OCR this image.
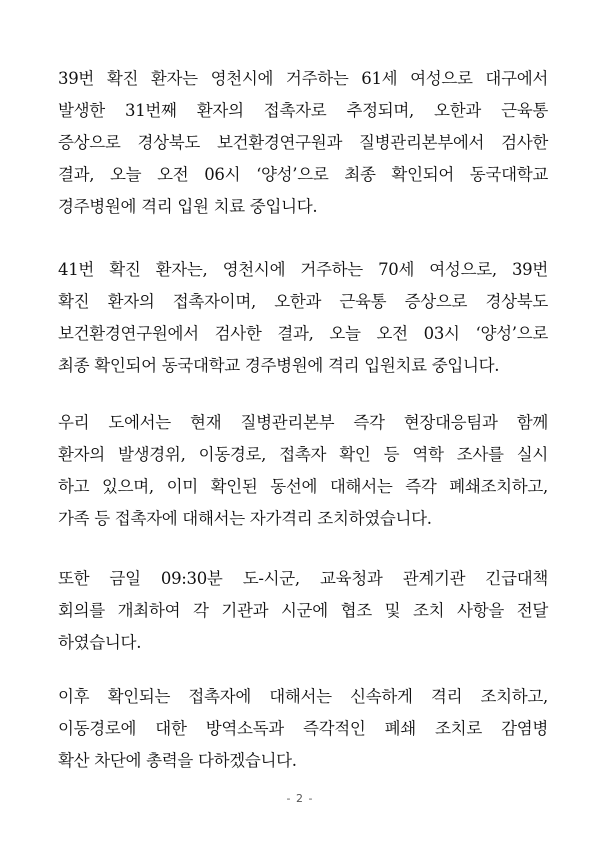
39번 확진 환자는 영천시에 거주하는 61세 여성으로 대구에서
발생한 31번째 환자의 접촉자로 추정되며, 오한과 근육통
증상으로 경상북도 보건환경연구원과 질병관리본부에서 검사한
결과, 오늘 오전 06시 ‘양성’으로 최종 확인되어 동국대학교
경주병원에 격리 입원 치료 중입니다.
41번 확진 환자는, 영천시에 거주하는 70세 여성으로, 39번
확진 환자의 접촉자이며, 오한과 근육통 증상으로 경상북도
보건환경연구원에서 검사한 결과, 오늘 오전 03시 ‘양성’으로
최종 확인되어 동국대학교 경주병원에 격리 입원치료 중입니다.
우리 도에서는 현재 질병관리본부 즉각 현장대응팀과 함께
환자의 발생경위, 이동경로, 접촉자 확인 등 역학 조사를 실시
하고 있으며, 이미 확인된 동선에 대해서는 즉각 폐쇄조치하고,
가족 등 접촉자에 대해서는 자가격리 조치하였습니다.
또한 금일 09:30분 도-시군, 교육청과 관계기관 긴급대책
회의를 개최하여 각 기관과 시군에 협조 및 조치 사항을 전달
하였습니다.
이후 확인되는 접촉자에 대해서는 신속하게 격리 조치하고,
이동경로에 대한 방역소독과 즉각적인 폐쇄 조치로 감염병
확산 차단에 총력을 다하겠습니다.
- 2 -
